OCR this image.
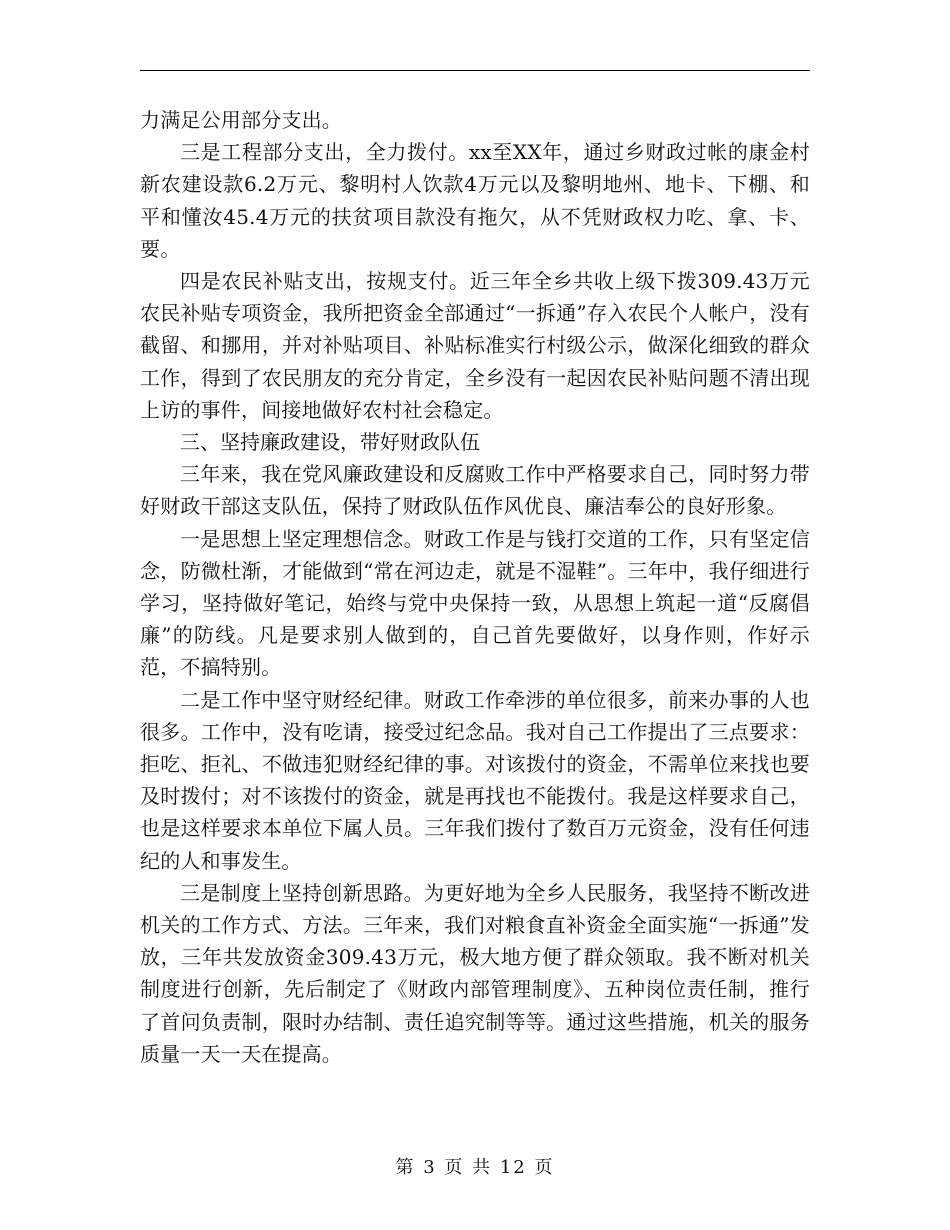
力满足公用部分支出。

三是工程部分支出，全力拨付。xx至XX年，通过乡财政过帐的康金村新农建设款6.2万元、黎明村人饮款4万元以及黎明地州、地卡、下棚、和平和懂汝45.4万元的扶贫项目款没有拖欠，从不凭财政权力吃、拿、卡、要。

四是农民补贴支出，按规支付。近三年全乡共收上级下拨309.43万元农民补贴专项资金，我所把资金全部通过“一拆通”存入农民个人帐户，没有截留、和挪用，并对补贴项目、补贴标准实行村级公示，做深化细致的群众工作，得到了农民朋友的充分肯定，全乡没有一起因农民补贴问题不清出现上访的事件，间接地做好农村社会稳定。

三、坚持廉政建设，带好财政队伍

三年来，我在党风廉政建设和反腐败工作中严格要求自己，同时努力带好财政干部这支队伍，保持了财政队伍作风优良、廉洁奉公的良好形象。

一是思想上坚定理想信念。财政工作是与钱打交道的工作，只有坚定信念，防微杜渐，才能做到“常在河边走，就是不湿鞋”。三年中，我仔细进行学习，坚持做好笔记，始终与党中央保持一致，从思想上筑起一道“反腐倡廉”的防线。凡是要求别人做到的，自己首先要做好，以身作则，作好示范，不搞特别。

二是工作中坚守财经纪律。财政工作牵涉的单位很多，前来办事的人也很多。工作中，没有吃请，接受过纪念品。我对自己工作提出了三点要求：拒吃、拒礼、不做违犯财经纪律的事。对该拨付的资金，不需单位来找也要及时拨付；对不该拨付的资金，就是再找也不能拨付。我是这样要求自己，也是这样要求本单位下属人员。三年我们拨付了数百万元资金，没有任何违纪的人和事发生。

三是制度上坚持创新思路。为更好地为全乡人民服务，我坚持不断改进机关的工作方式、方法。三年来，我们对粮食直补资金全面实施“一拆通”发放，三年共发放资金309.43万元，极大地方便了群众领取。我不断对机关制度进行创新，先后制定了《财政内部管理制度》、五种岗位责任制，推行了首问负责制，限时办结制、责任追究制等等。通过这些措施，机关的服务质量一天一天在提高。

第 3 页 共 12 页
